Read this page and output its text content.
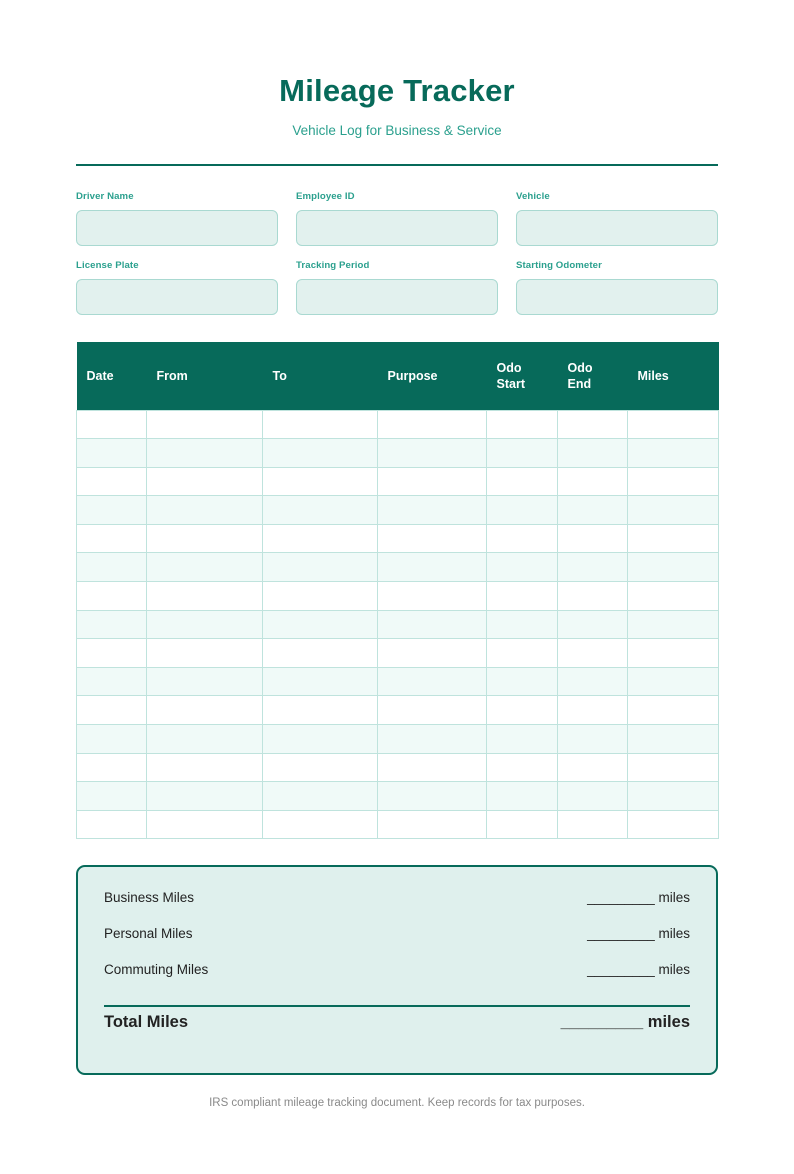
Mileage Tracker

Vehicle Log for Business & Service

Driver Name	Employee ID	Vehicle
License Plate	Tracking Period	Starting Odometer
Date	From	To	Purpose	Odo Start	Odo End	Miles

Business Miles	_________ miles
Personal Miles	_________ miles
Commuting Miles	_________ miles
Total Miles	_________ miles
IRS compliant mileage tracking document. Keep records for tax purposes.
